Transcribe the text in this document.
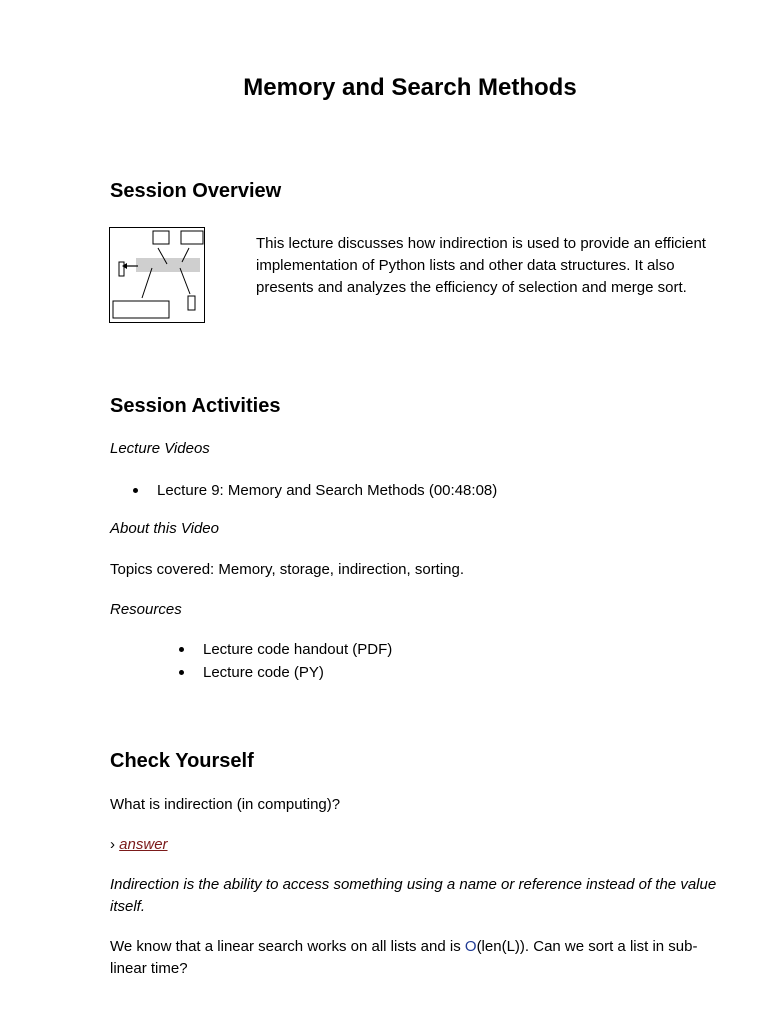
Memory and Search Methods
Session Overview

This lecture discusses how indirection is used to provide an efficient implementation of Python lists and other data structures. It also presents and analyzes the efficiency of selection and merge sort.

Session Activities

Lecture Videos

Lecture 9: Memory and Search Methods (00:48:08)

About this Video

Topics covered: Memory, storage, indirection, sorting.

Resources

Lecture code handout (PDF)
Lecture code (PY)
Check Yourself

What is indirection (in computing)?

› answer

Indirection is the ability to access something using a name or reference instead of the value itself.

We know that a linear search works on all lists and is O(len(L)). Can we sort a list in sub-linear time?
